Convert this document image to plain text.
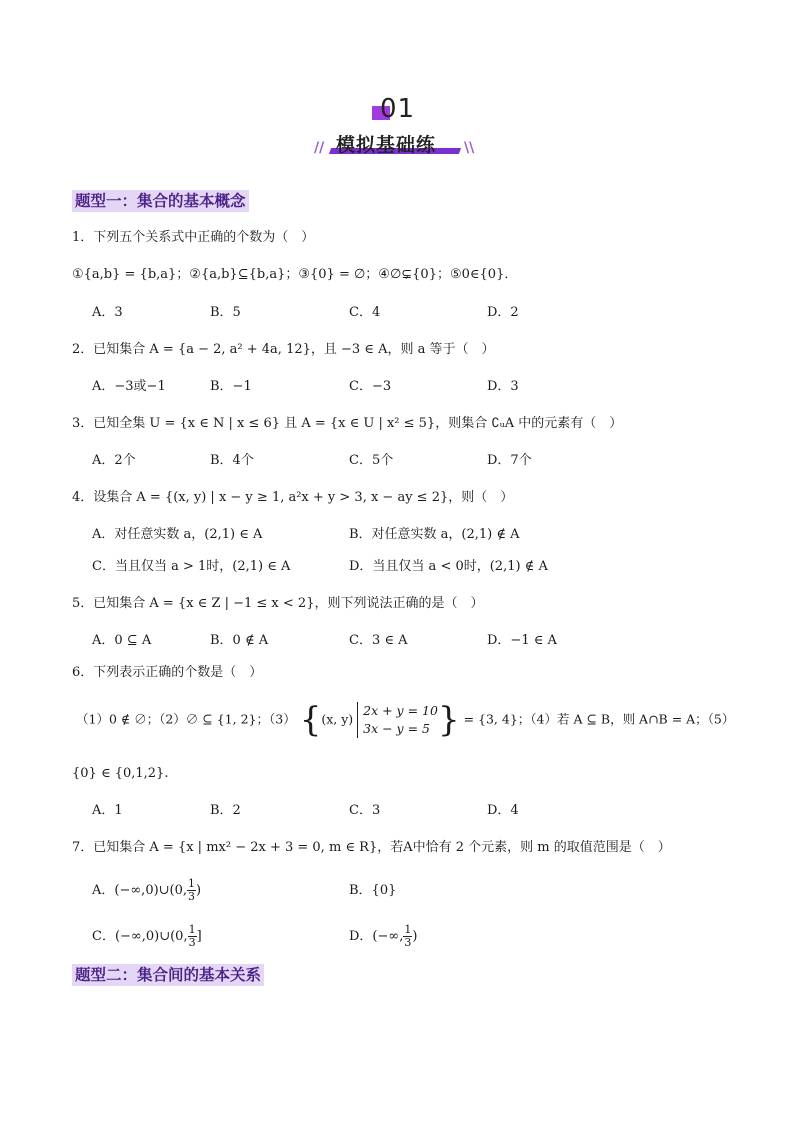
01
// 模拟基础练 \\
题型一：集合的基本概念
1．下列五个关系式中正确的个数为（　）
①{a,b} = {b,a}；②{a,b}⊆{b,a}；③{0} = ∅；④∅⊊{0}；⑤0∈{0}．
A．3	B．5	C．4	D．2
2．已知集合 A = {a − 2, a² + 4a, 12}，且 −3 ∈ A，则 a 等于（　）
A．−3或−1	B．−1	C．−3	D．3
3．已知全集 U = {x ∈ N | x ≤ 6} 且 A = {x ∈ U | x² ≤ 5}，则集合 ∁ᵤA 中的元素有（　）
A．2个	B．4个	C．5个	D．7个
4．设集合 A = {(x, y) | x − y ≥ 1, a²x + y > 3, x − ay ≤ 2}，则（　）
A．对任意实数 a，(2,1) ∈ A	B．对任意实数 a，(2,1) ∉ A
C．当且仅当 a > 1时，(2,1) ∈ A	D．当且仅当 a < 0时，(2,1) ∉ A
5．已知集合 A = {x ∈ Z | −1 ≤ x < 2}，则下列说法正确的是（　）
A．0 ⊆ A	B．0 ∉ A	C．3 ∈ A	D．−1 ∈ A
6．下列表示正确的个数是（　）
（1）0 ∉ ∅；（2）∅ ⊆ {1, 2}；（3） {(x, y)
2x + y = 10
3x − y = 5 } = {3, 4}；（4）若 A ⊆ B，则 A∩B = A；（5）
{0} ∈ {0,1,2}.
A．1	B．2	C．3	D．4
7．已知集合 A = {x | mx² − 2x + 3 = 0, m ∈ R}，若A中恰有 2 个元素，则 m 的取值范围是（　）
A．(−∞,0)∪(0, $\frac{1}{3}$ )	B．{0}
C．(−∞,0)∪(0, $\frac{1}{3}$ ]	D．(−∞, $\frac{1}{3}$ )
题型二：集合间的基本关系
